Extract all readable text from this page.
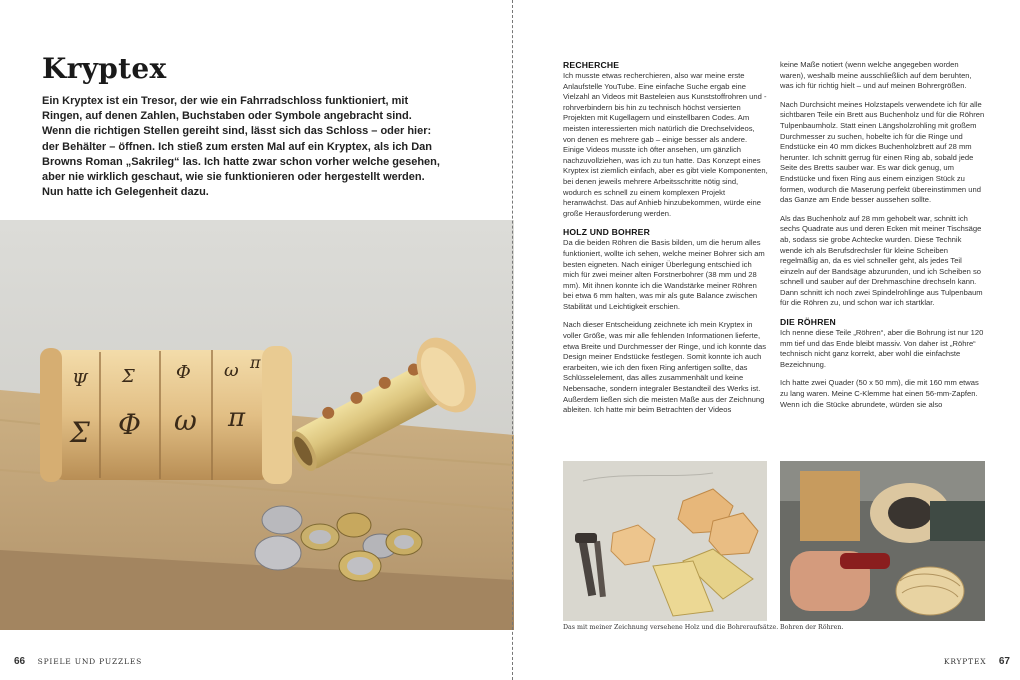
Kryptex
Ein Kryptex ist ein Tresor, der wie ein Fahrradschloss funktioniert, mit Ringen, auf denen Zahlen, Buchstaben oder Symbole angebracht sind. Wenn die richtigen Stellen gereiht sind, lässt sich das Schloss – oder hier: der Behälter – öffnen. Ich stieß zum ersten Mal auf ein Kryptex, als ich Dan Browns Roman „Sakrileg“ las. Ich hatte zwar schon vorher welche gesehen, aber nie wirklich geschaut, wie sie funktionieren oder hergestellt werden. Nun hatte ich Gelegenheit dazu.
Ψ Σ Φ ω π
Σ Φ ω π
66 SPIELE UND PUZZLES
RECHERCHE

Ich musste etwas recherchieren, also war meine erste Anlaufstelle YouTube. Eine einfache Suche ergab eine Vielzahl an Videos mit Basteleien aus Kunststoffrohren und -rohrverbindern bis hin zu technisch höchst versierten Projekten mit Kugellagern und einstellbaren Codes. Am meisten interessierten mich natürlich die Drechselvideos, von denen es mehrere gab – einige besser als andere. Einige Videos musste ich öfter ansehen, um gänzlich nachzuvollziehen, was ich zu tun hatte. Das Konzept eines Kryptex ist ziemlich einfach, aber es gibt viele Komponenten, bei denen jeweils mehrere Arbeitsschritte nötig sind, wodurch es schnell zu einem komplexen Projekt heranwächst. Das auf Anhieb hinzubekommen, würde eine große Herausforderung werden.

HOLZ UND BOHRER

Da die beiden Röhren die Basis bilden, um die herum alles funktioniert, wollte ich sehen, welche meiner Bohrer sich am besten eigneten. Nach einiger Überlegung entschied ich mich für zwei meiner alten Forstnerbohrer (38 mm und 28 mm). Mit ihnen konnte ich die Wandstärke meiner Röhren bei etwa 6 mm halten, was mir als gute Balance zwischen Stabilität und Leichtigkeit erschien.

Nach dieser Entscheidung zeichnete ich mein Kryptex in voller Größe, was mir alle fehlenden Informationen lieferte, etwa Breite und Durchmesser der Ringe, und ich konnte das Design meiner Endstücke festlegen. Somit konnte ich auch erarbeiten, wie ich den fixen Ring anfertigen sollte, das Schlüsselelement, das alles zusammenhält und keine Nebensache, sondern integraler Bestandteil des Werks ist. Außerdem ließen sich die meisten Maße aus der Zeichnung ableiten. Ich hatte mir beim Betrachten der Videos

keine Maße notiert (wenn welche angegeben worden waren), weshalb meine ausschließlich auf dem beruhten, was ich für richtig hielt – und auf meinen Bohrergrößen.

Nach Durchsicht meines Holzstapels verwendete ich für alle sichtbaren Teile ein Brett aus Buchenholz und für die Röhren Tulpenbaumholz. Statt einen Längsholzrohling mit großem Durchmesser zu suchen, hobelte ich für die Ringe und Endstücke ein 40 mm dickes Buchenholzbrett auf 28 mm herunter. Ich schnitt gerrug für einen Ring ab, sobald jede Seite des Bretts sauber war. Es war dick genug, um Endstücke und fixen Ring aus einem einzigen Stück zu formen, wodurch die Maserung perfekt übereinstimmen und das Ganze am Ende besser aussehen sollte.

Als das Buchenholz auf 28 mm gehobelt war, schnitt ich sechs Quadrate aus und deren Ecken mit meiner Tischsäge ab, sodass sie grobe Achtecke wurden. Diese Technik wende ich als Berufsdrechsler für kleine Scheiben regelmäßig an, da es viel schneller geht, als jedes Teil einzeln auf der Bandsäge abzurunden, und ich Scheiben so schnell und sauber auf der Drehmaschine drechseln kann. Dann schnitt ich noch zwei Spindelrohlinge aus Tulpenbaum für die Röhren zu, und schon war ich startklar.

DIE RÖHREN

Ich nenne diese Teile „Röhren“, aber die Bohrung ist nur 120 mm tief und das Ende bleibt massiv. Von daher ist „Röhre“ technisch nicht ganz korrekt, aber wohl die einfachste Bezeichnung.

Ich hatte zwei Quader (50 x 50 mm), die mit 160 mm etwas zu lang waren. Meine C-Klemme hat einen 56-mm-Zapfen. Wenn ich die Stücke abrundete, würden sie also

Das mit meiner Zeichnung versehene Holz und die Bohreraufsätze. Bohren der Röhren.
KRYPTEX 67
